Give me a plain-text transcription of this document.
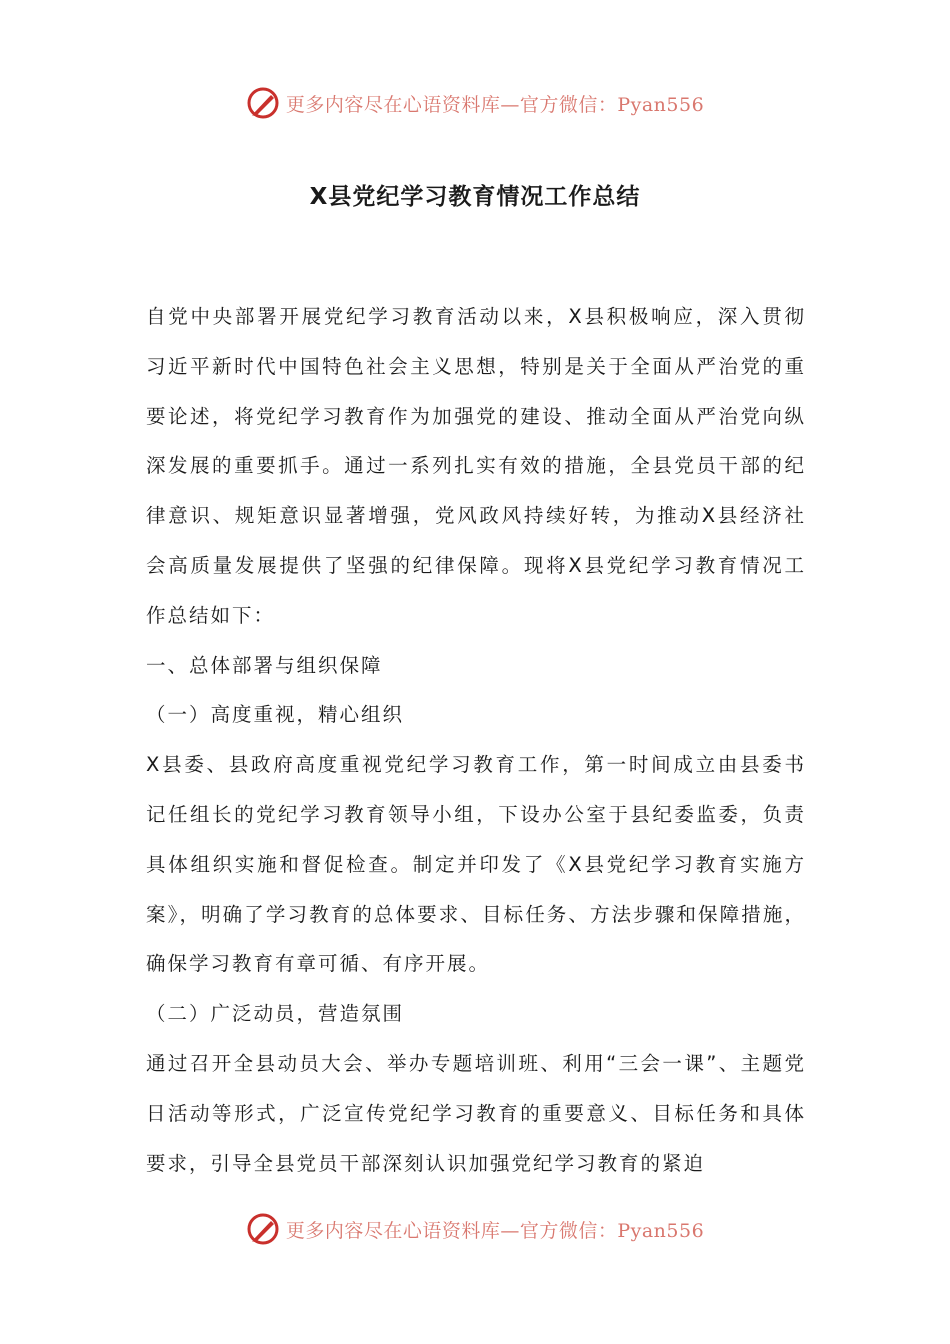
更多内容尽在心语资料库—官方微信：Pyan556
X县党纪学习教育情况工作总结

自党中央部署开展党纪学习教育活动以来，X县积极响应，深入贯彻习近平新时代中国特色社会主义思想，特别是关于全面从严治党的重要论述，将党纪学习教育作为加强党的建设、推动全面从严治党向纵深发展的重要抓手。通过一系列扎实有效的措施，全县党员干部的纪律意识、规矩意识显著增强，党风政风持续好转，为推动X县经济社会高质量发展提供了坚强的纪律保障。现将X县党纪学习教育情况工作总结如下：

一、总体部署与组织保障

（一）高度重视，精心组织

X县委、县政府高度重视党纪学习教育工作，第一时间成立由县委书记任组长的党纪学习教育领导小组，下设办公室于县纪委监委，负责具体组织实施和督促检查。制定并印发了《X县党纪学习教育实施方案》，明确了学习教育的总体要求、目标任务、方法步骤和保障措施，确保学习教育有章可循、有序开展。

（二）广泛动员，营造氛围

通过召开全县动员大会、举办专题培训班、利用“三会一课”、主题党日活动等形式，广泛宣传党纪学习教育的重要意义、目标任务和具体要求，引导全县党员干部深刻认识加强党纪学习教育的紧迫

更多内容尽在心语资料库—官方微信：Pyan556
